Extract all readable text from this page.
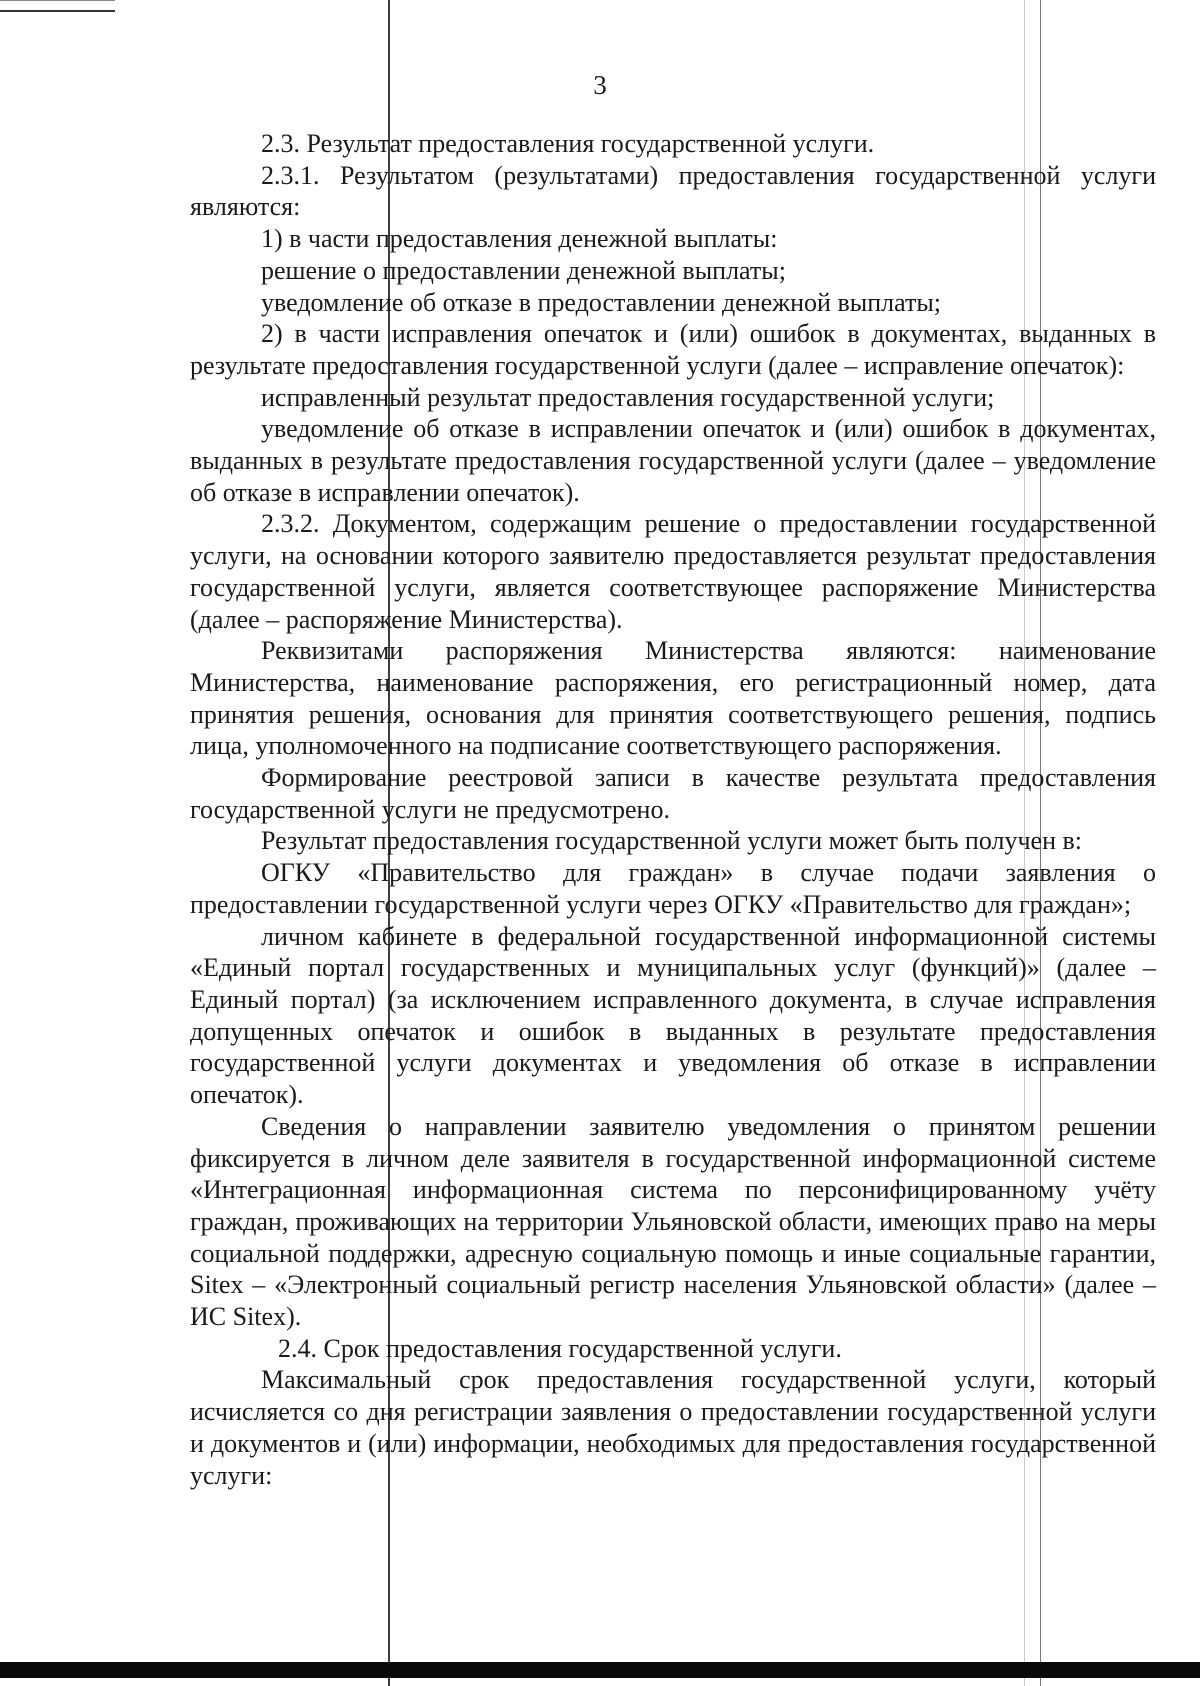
3

2.3. Результат предоставления государственной услуги.

2.3.1. Результатом (результатами) предоставления государственной услуги являются:

1) в части предоставления денежной выплаты:

решение о предоставлении денежной выплаты;

уведомление об отказе в предоставлении денежной выплаты;

2) в части исправления опечаток и (или) ошибок в документах, выданных в результате предоставления государственной услуги (далее – исправление опечаток):

исправленный результат предоставления государственной услуги;

уведомление об отказе в исправлении опечаток и (или) ошибок в документах, выданных в результате предоставления государственной услуги (далее – уведомление об отказе в исправлении опечаток).

2.3.2. Документом, содержащим решение о предоставлении государственной услуги, на основании которого заявителю предоставляется результат предоставления государственной услуги, является соответствующее распоряжение Министерства (далее – распоряжение Министерства).

Реквизитами распоряжения Министерства являются: наименование Министерства, наименование распоряжения, его регистрационный номер, дата принятия решения, основания для принятия соответствующего решения, подпись лица, уполномоченного на подписание соответствующего распоряжения.

Формирование реестровой записи в качестве результата предоставления государственной услуги не предусмотрено.

Результат предоставления государственной услуги может быть получен в:

ОГКУ «Правительство для граждан» в случае подачи заявления о предоставлении государственной услуги через ОГКУ «Правительство для граждан»;

личном кабинете в федеральной государственной информационной системы «Единый портал государственных и муниципальных услуг (функций)» (далее – Единый портал) (за исключением исправленного документа, в случае исправления допущенных опечаток и ошибок в выданных в результате предоставления государственной услуги документах и уведомления об отказе в исправлении опечаток).

Сведения о направлении заявителю уведомления о принятом решении фиксируется в личном деле заявителя в государственной информационной системе «Интеграционная информационная система по персонифицированному учёту граждан, проживающих на территории Ульяновской области, имеющих право на меры социальной поддержки, адресную социальную помощь и иные социальные гарантии, Sitex – «Электронный социальный регистр населения Ульяновской области» (далее – ИС Sitex).

2.4. Срок предоставления государственной услуги.

Максимальный срок предоставления государственной услуги, который исчисляется со дня регистрации заявления о предоставлении государственной услуги и документов и (или) информации, необходимых для предоставления государственной услуги:
